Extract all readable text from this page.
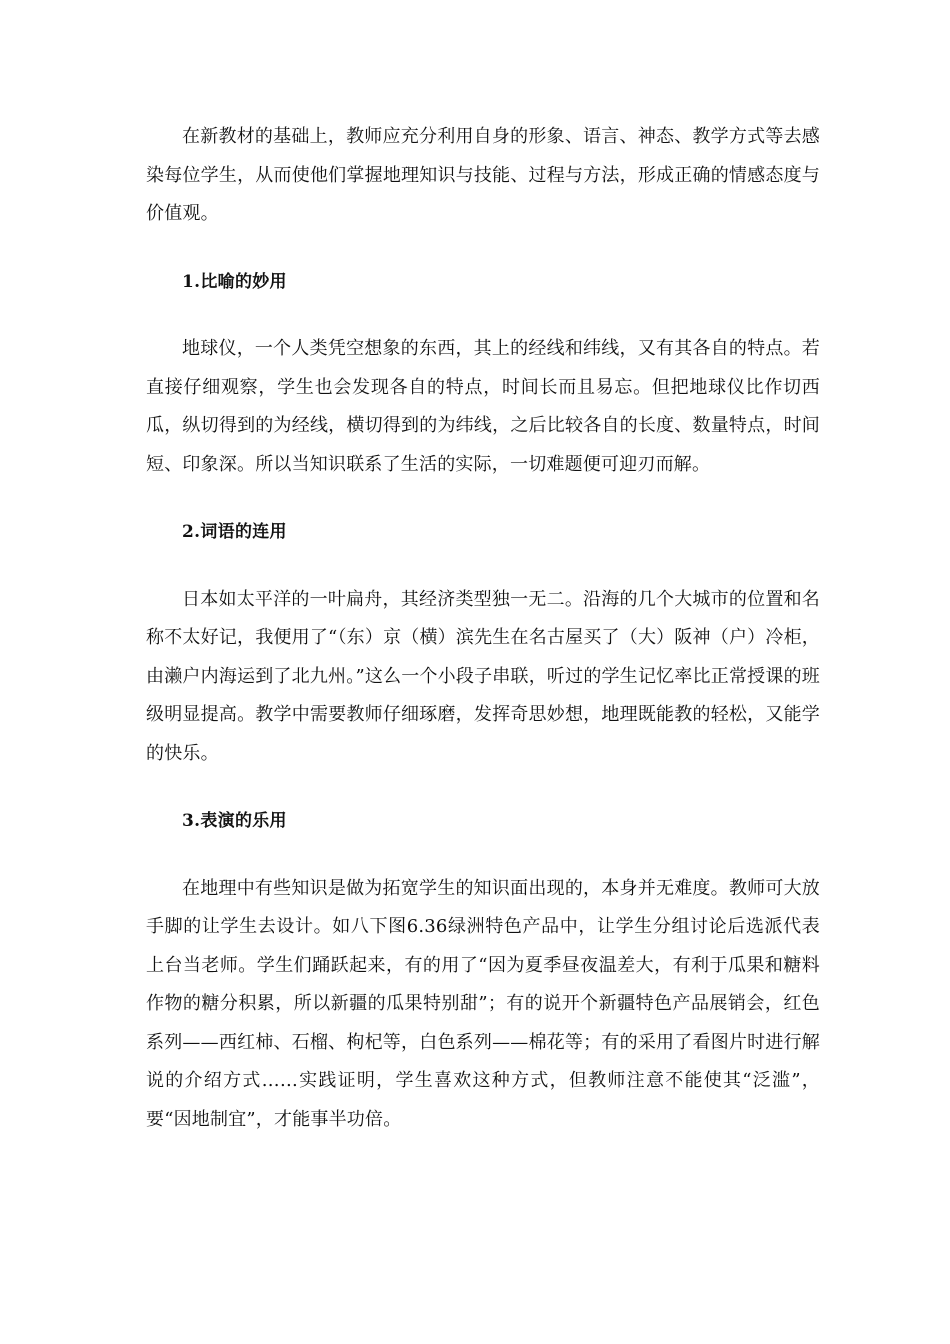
在新教材的基础上，教师应充分利用自身的形象、语言、神态、教学方式等去感染每位学生，从而使他们掌握地理知识与技能、过程与方法，形成正确的情感态度与价值观。

1.比喻的妙用

地球仪，一个人类凭空想象的东西，其上的经线和纬线，又有其各自的特点。若直接仔细观察，学生也会发现各自的特点，时间长而且易忘。但把地球仪比作切西瓜，纵切得到的为经线，横切得到的为纬线，之后比较各自的长度、数量特点，时间短、印象深。所以当知识联系了生活的实际，一切难题便可迎刃而解。

2.词语的连用

日本如太平洋的一叶扁舟，其经济类型独一无二。沿海的几个大城市的位置和名称不太好记，我便用了“（东）京（横）滨先生在名古屋买了（大）阪神（户）冷柜，由濑户内海运到了北九州。”这么一个小段子串联，听过的学生记忆率比正常授课的班级明显提高。教学中需要教师仔细琢磨，发挥奇思妙想，地理既能教的轻松，又能学的快乐。

3.表演的乐用

在地理中有些知识是做为拓宽学生的知识面出现的，本身并无难度。教师可大放手脚的让学生去设计。如八下图6.36绿洲特色产品中，让学生分组讨论后选派代表上台当老师。学生们踊跃起来，有的用了“因为夏季昼夜温差大，有利于瓜果和糖料作物的糖分积累，所以新疆的瓜果特别甜”；有的说开个新疆特色产品展销会，红色系列——西红柿、石榴、枸杞等，白色系列——棉花等；有的采用了看图片时进行解说的介绍方式……实践证明，学生喜欢这种方式，但教师注意不能使其“泛滥”，要“因地制宜”，才能事半功倍。
